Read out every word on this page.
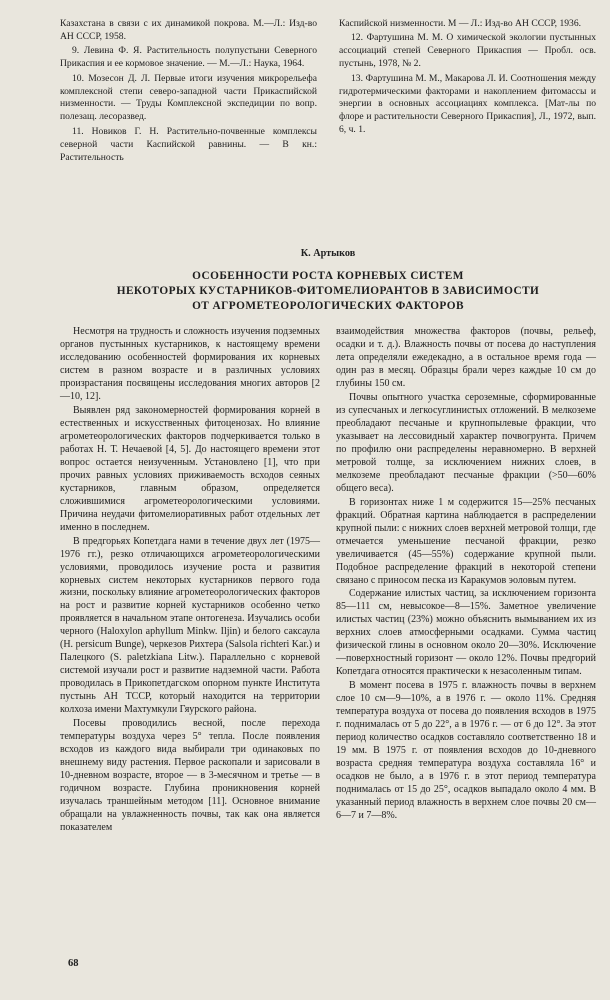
Казахстана в связи с их динамикой покрова. М.—Л.: Изд-во АН СССР, 1958.

9. Левина Ф. Я. Растительность полупустыни Северного Прикаспия и ее кормовое значение. — М.—Л.: Наука, 1964.

10. Мозесон Д. Л. Первые итоги изучения микрорельефа комплексной степи северо-западной части Прикаспийской низменности. — Труды Комплексной экспедиции по вопр. полезащ. лесоразвед.

11. Новиков Г. Н. Растительно-почвенные комплексы северной части Каспийской равнины. — В кн.: Растительность

Каспийской низменности. М — Л.: Изд-во АН СССР, 1936.

12. Фартушина М. М. О химической экологии пустынных ассоциаций степей Северного Прикаспия — Пробл. осв. пустынь, 1978, № 2.

13. Фартушина М. М., Макарова Л. И. Соотношения между гидротермическими факторами и накоплением фитомассы и энергии в основных ассоциациях комплекса. [Мат-лы по флоре и растительности Северного Прикаспия], Л., 1972, вып. 6, ч. 1.

К. Артыков
ОСОБЕННОСТИ РОСТА КОРНЕВЫХ СИСТЕМ
НЕКОТОРЫХ КУСТАРНИКОВ-ФИТОМЕЛИОРАНТОВ В ЗАВИСИМОСТИ
ОТ АГРОМЕТЕОРОЛОГИЧЕСКИХ ФАКТОРОВ

Несмотря на трудность и сложность изучения подземных органов пустынных кустарников, к настоящему времени исследованию особенностей формирования их корневых систем в разном возрасте и в различных условиях произрастания посвящены исследования многих авторов [2—10, 12].

Выявлен ряд закономерностей формирования корней в естественных и искусственных фитоценозах. Но влияние агрометеорологических факторов подчеркивается только в работах Н. Т. Нечаевой [4, 5]. До настоящего времени этот вопрос остается неизученным. Установлено [1], что при прочих равных условиях приживаемость всходов сеяных кустарников, главным образом, определяется сложившимися агрометеорологическими условиями. Причина неудачи фитомелиоративных работ отдельных лет именно в последнем.

В предгорьях Копетдага нами в течение двух лет (1975—1976 гг.), резко отличающихся агрометеорологическими условиями, проводилось изучение роста и развития корневых систем некоторых кустарников первого года жизни, поскольку влияние агрометеорологических факторов на рост и развитие корней кустарников особенно четко проявляется в начальном этапе онтогенеза. Изучались особи черного (Haloxylon aphyllum Minkw. Iljin) и белого саксаула (H. persicum Bunge), черкезов Рихтера (Salsola richteri Kar.) и Палецкого (S. paletzkiana Litw.). Параллельно с корневой системой изучали рост и развитие надземной части. Работа проводилась в Прикопетдагском опорном пункте Института пустынь АН ТССР, который находится на территории колхоза имени Махтумкули Гяурского района.

Посевы проводились весной, после перехода температуры воздуха через 5° тепла. После появления всходов из каждого вида выбирали три одинаковых по внешнему виду растения. Первое раскопали и зарисовали в 10-дневном возрасте, второе — в 3-месячном и третье — в годичном возрасте. Глубина проникновения корней изучалась траншейным методом [11]. Основное внимание обращали на увлажненность почвы, так как она является показателем

взаимодействия множества факторов (почвы, рельеф, осадки и т. д.). Влажность почвы от посева до наступления лета определяли ежедекадно, а в остальное время года — один раз в месяц. Образцы брали через каждые 10 см до глубины 150 см.

Почвы опытного участка сероземные, сформированные из супесчаных и легкосуглинистых отложений. В мелкоземе преобладают песчаные и крупнопылевые фракции, что указывает на лессовидный характер почвогрунта. Причем по профилю они распределены неравномерно. В верхней метровой толще, за исключением нижних слоев, в мелкоземе преобладают песчаные фракции (>50—60% общего веса).

В горизонтах ниже 1 м содержится 15—25% песчаных фракций. Обратная картина наблюдается в распределении крупной пыли: с нижних слоев верхней метровой толщи, где отмечается уменьшение песчаной фракции, резко увеличивается (45—55%) содержание крупной пыли. Подобное распределение фракций в некоторой степени связано с приносом песка из Каракумов эоловым путем.

Содержание илистых частиц, за исключением горизонта 85—111 см, невысокое—8—15%. Заметное увеличение илистых частиц (23%) можно объяснить вымыванием их из верхних слоев атмосферными осадками. Сумма частиц физической глины в основном около 20—30%. Исключение—поверхностный горизонт — около 12%. Почвы предгорий Копетдага относятся практически к незасоленным типам.

В момент посева в 1975 г. влажность почвы в верхнем слое 10 см—9—10%, а в 1976 г. — около 11%. Средняя температура воздуха от посева до появления всходов в 1975 г. поднималась от 5 до 22°, а в 1976 г. — от 6 до 12°. За этот период количество осадков составляло соответственно 18 и 19 мм. В 1975 г. от появления всходов до 10-дневного возраста средняя температура воздуха составляла 16° и осадков не было, а в 1976 г. в этот период температура поднималась от 15 до 25°, осадков выпадало около 4 мм. В указанный период влажность в верхнем слое почвы 20 см—6—7 и 7—8%.

68
